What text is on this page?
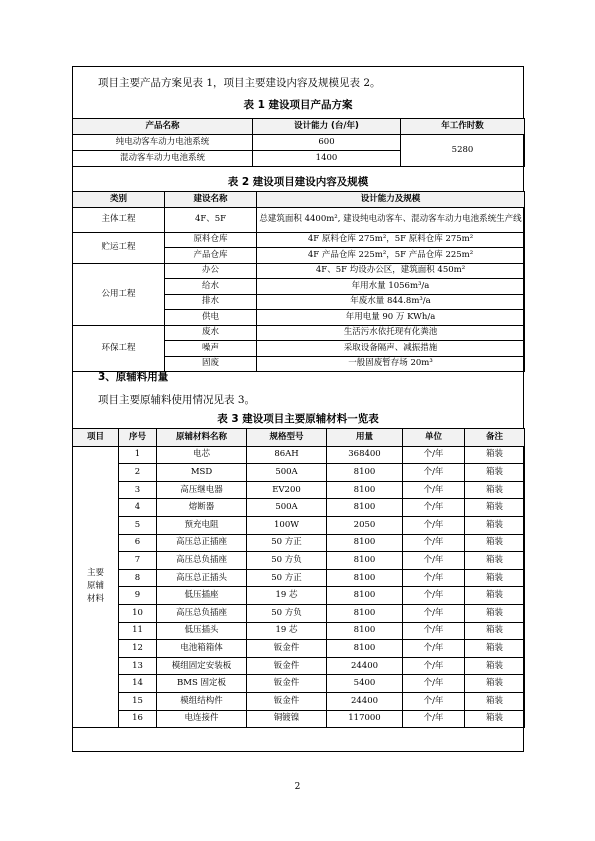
项目主要产品方案见表 1，项目主要建设内容及规模见表 2。
表 1 建设项目产品方案
产品名称	设计能力 (台/年)	年工作时数
纯电动客车动力电池系统	600	5280
混动客车动力电池系统	1400	
表 2 建设项目建设内容及规模
类别	建设名称	设计能力及规模
主体工程	4F、5F	总建筑面积 4400m², 建设纯电动客车、混动客车动力电池系统生产线
贮运工程	原料仓库	4F 原料仓库 275m²，5F 原料仓库 275m²
	产品仓库	4F 产品仓库 225m²，5F 产品仓库 225m²
公用工程	办公	4F、5F 均设办公区，建筑面积 450m²
	给水	年用水量 1056m³/a
	排水	年废水量 844.8m³/a
	供电	年用电量 90 万 KWh/a
环保工程	废水	生活污水依托现有化粪池
	噪声	采取设备隔声、减振措施
	固废	一般固废暂存场 20m³
3、原辅料用量
项目主要原辅料使用情况见表 3。
表 3 建设项目主要原辅材料一览表
项目	序号	原辅材料名称	规格型号	用量	单位	备注

主要
原辅
材料	1	电芯	86AH	368400	个/年	箱装
	2	MSD	500A	8100	个/年	箱装
	3	高压继电器	EV200	8100	个/年	箱装
	4	熔断器	500A	8100	个/年	箱装
	5	预充电阻	100W	2050	个/年	箱装
	6	高压总正插座	50 方正	8100	个/年	箱装
	7	高压总负插座	50 方负	8100	个/年	箱装
	8	高压总正插头	50 方正	8100	个/年	箱装
	9	低压插座	19 芯	8100	个/年	箱装
	10	高压总负插座	50 方负	8100	个/年	箱装
	11	低压插头	19 芯	8100	个/年	箱装
	12	电池箱箱体	钣金件	8100	个/年	箱装
	13	模组固定安装板	钣金件	24400	个/年	箱装
	14	BMS 固定板	钣金件	5400	个/年	箱装
	15	模组结构件	钣金件	24400	个/年	箱装
	16	电连接件	铜镀镍	117000	个/年	箱装
2
